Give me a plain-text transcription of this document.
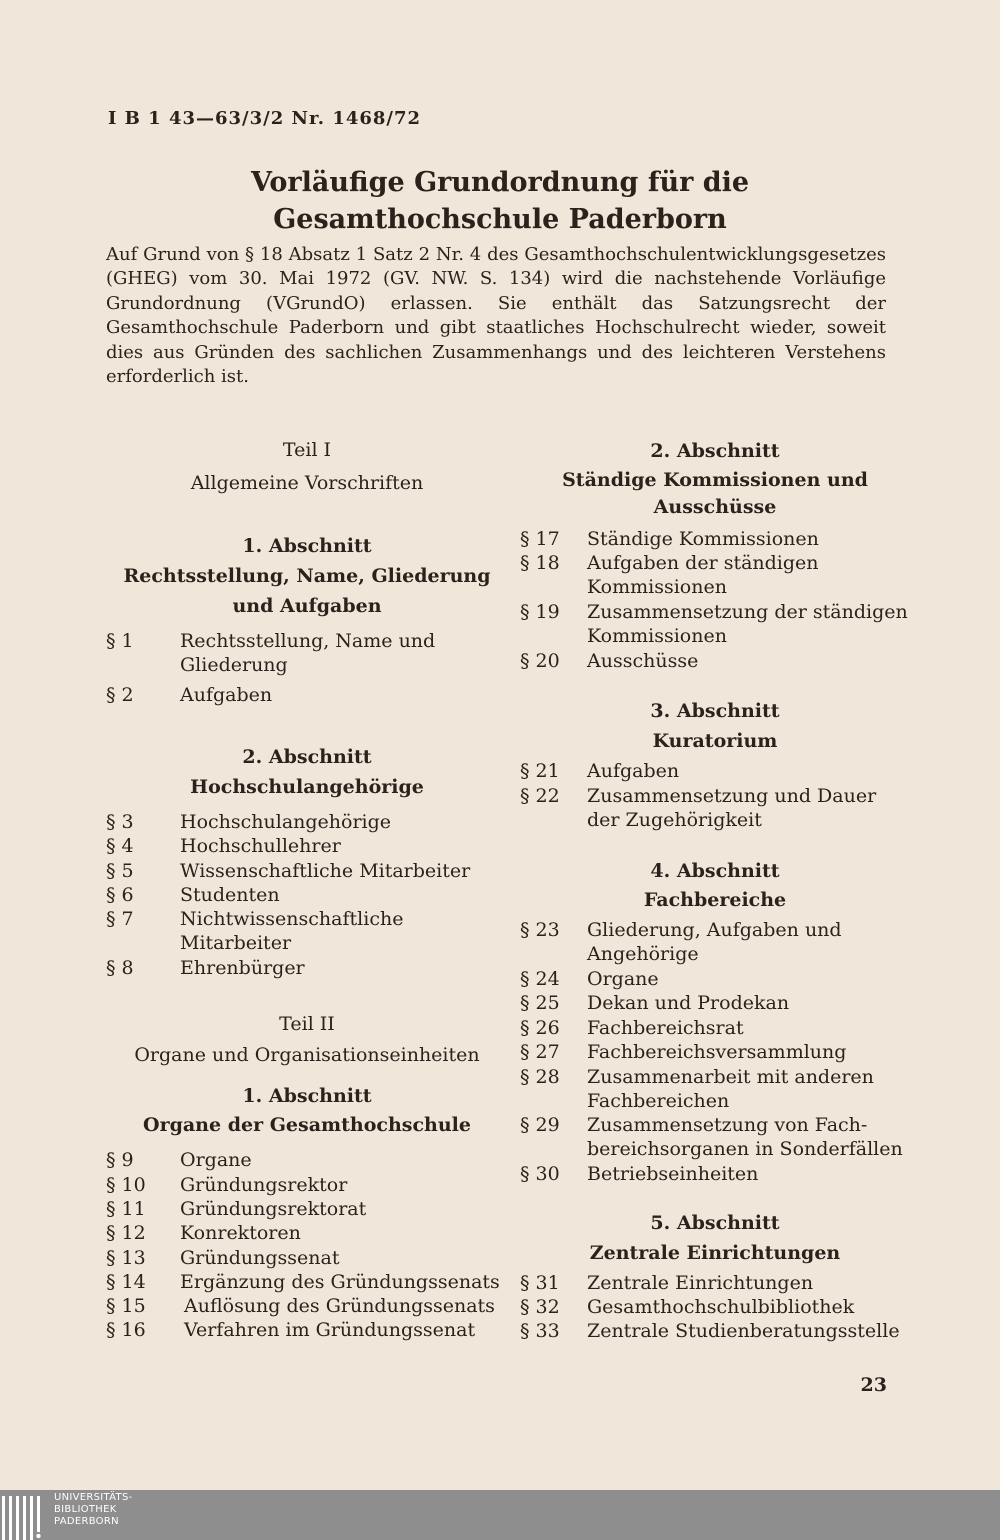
I B 1 43—63/3/2 Nr. 1468/72
Vorläufige Grundordnung für die
Gesamthochschule Paderborn
Auf Grund von § 18 Absatz 1 Satz 2 Nr. 4 des Gesamthochschulentwicklungsgesetzes (GHEG) vom 30. Mai 1972 (GV. NW. S. 134) wird die nachstehende Vorläufige Grundordnung (VGrundO) erlassen. Sie enthält das Satzungsrecht der Gesamthochschule Paderborn und gibt staatliches Hochschulrecht wieder, soweit dies aus Gründen des sachlichen Zusammenhangs und des leichteren Verstehens erforderlich ist.
Teil I
Allgemeine Vorschriften
1. Abschnitt
Rechtsstellung, Name, Gliederung
und Aufgaben
§ 1 Rechtsstellung, Name und
Gliederung
§ 2 Aufgaben
2. Abschnitt
Hochschulangehörige
§ 3 Hochschulangehörige
§ 4 Hochschullehrer
§ 5 Wissenschaftliche Mitarbeiter
§ 6 Studenten
§ 7 Nichtwissenschaftliche
Mitarbeiter
§ 8 Ehrenbürger
Teil II
Organe und Organisationseinheiten
1. Abschnitt
Organe der Gesamthochschule
§ 9 Organe
§ 10 Gründungsrektor
§ 11 Gründungsrektorat
§ 12 Konrektoren
§ 13 Gründungssenat
§ 14 Ergänzung des Gründungssenats
§ 15 Auflösung des Gründungssenats
§ 16 Verfahren im Gründungssenat
2. Abschnitt
Ständige Kommissionen und
Ausschüsse
§ 17 Ständige Kommissionen
§ 18 Aufgaben der ständigen
Kommissionen
§ 19 Zusammensetzung der ständigen
Kommissionen
§ 20 Ausschüsse
3. Abschnitt
Kuratorium
§ 21 Aufgaben
§ 22 Zusammensetzung und Dauer
der Zugehörigkeit
4. Abschnitt
Fachbereiche
§ 23 Gliederung, Aufgaben und
Angehörige
§ 24 Organe
§ 25 Dekan und Prodekan
§ 26 Fachbereichsrat
§ 27 Fachbereichsversammlung
§ 28 Zusammenarbeit mit anderen
Fachbereichen
§ 29 Zusammensetzung von Fach-
bereichsorganen in Sonderfällen
§ 30 Betriebseinheiten
5. Abschnitt
Zentrale Einrichtungen
§ 31 Zentrale Einrichtungen
§ 32 Gesamthochschulbibliothek
§ 33 Zentrale Studienberatungsstelle
23
UNIVERSITÄTS-
BIBLIOTHEK
PADERBORN
